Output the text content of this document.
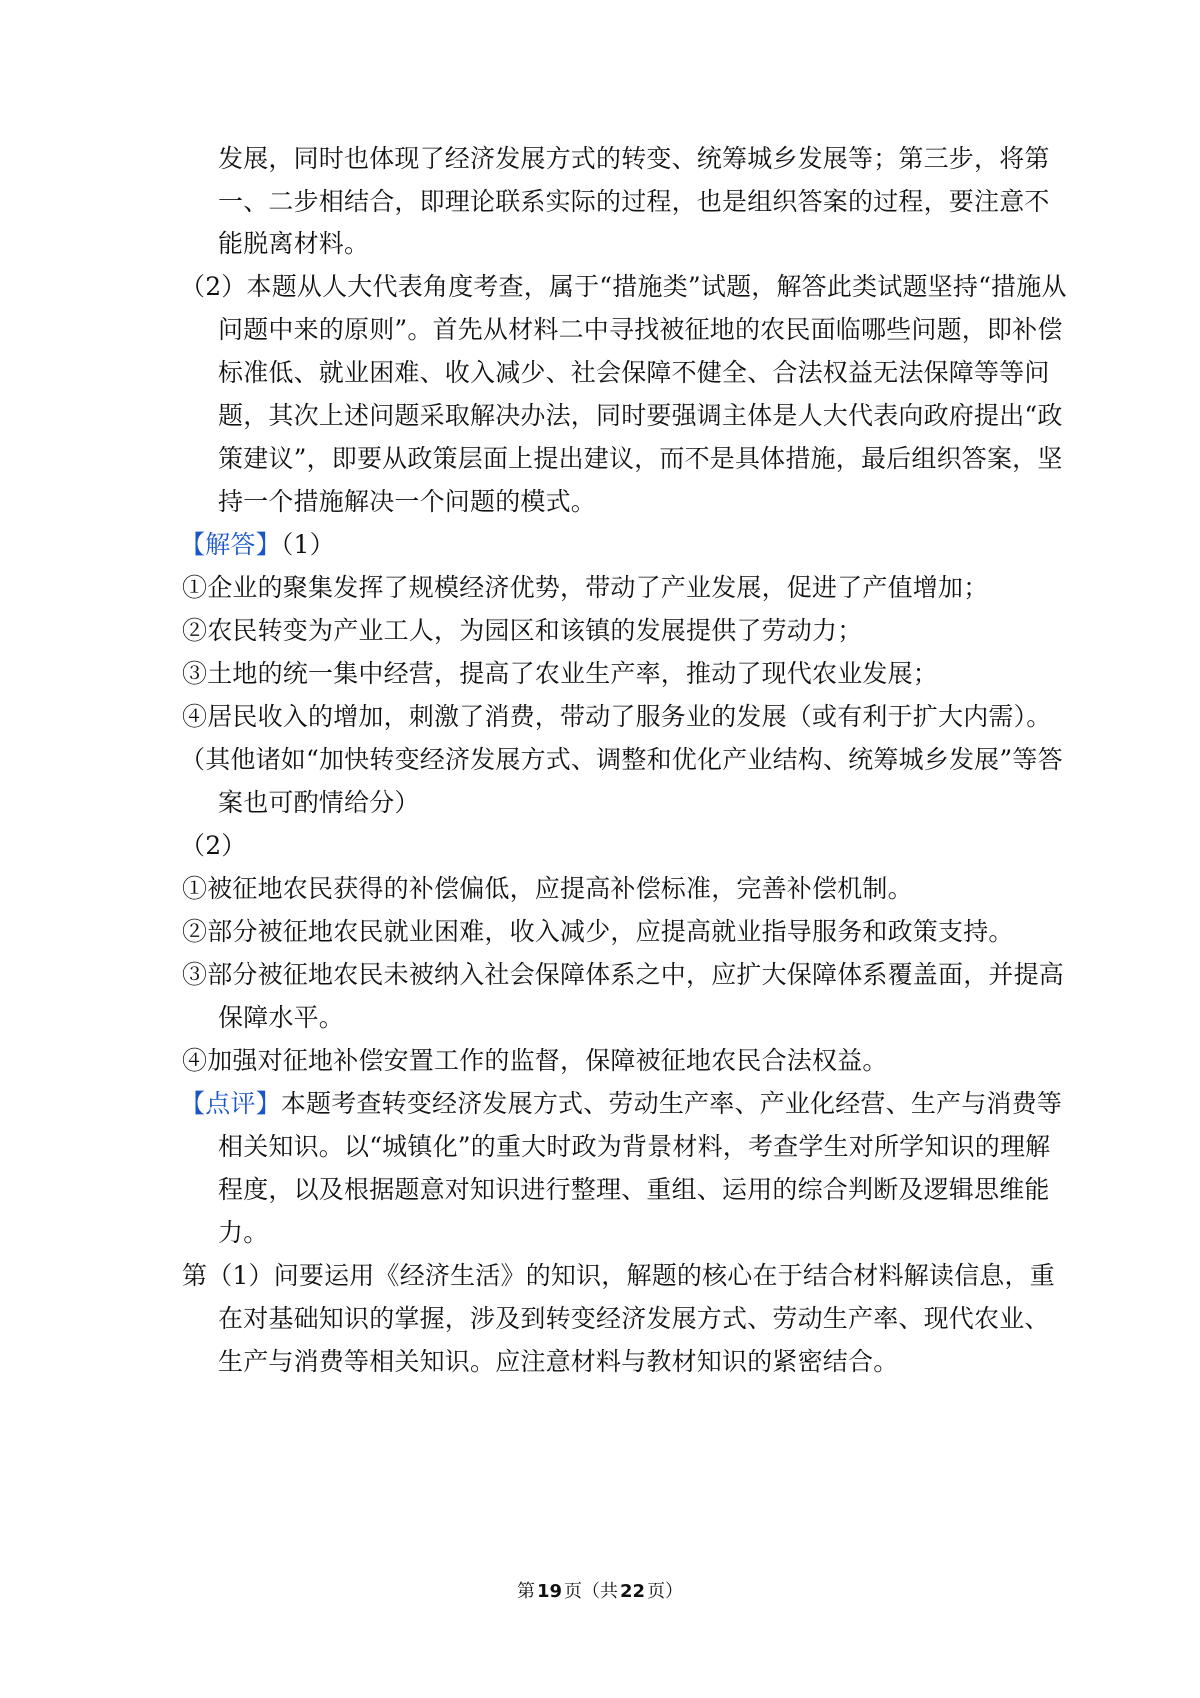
发展，同时也体现了经济发展方式的转变、统筹城乡发展等；第三步，将第
一、二步相结合，即理论联系实际的过程，也是组织答案的过程，要注意不
能脱离材料。
（2）本题从人大代表角度考查，属于“措施类”试题，解答此类试题坚持“措施从
问题中来的原则”。首先从材料二中寻找被征地的农民面临哪些问题，即补偿
标准低、就业困难、收入减少、社会保障不健全、合法权益无法保障等等问
题，其次上述问题采取解决办法，同时要强调主体是人大代表向政府提出“政
策建议”，即要从政策层面上提出建议，而不是具体措施，最后组织答案，坚
持一个措施解决一个问题的模式。
【解答】（1）
①企业的聚集发挥了规模经济优势，带动了产业发展，促进了产值增加；
②农民转变为产业工人，为园区和该镇的发展提供了劳动力；
③土地的统一集中经营，提高了农业生产率，推动了现代农业发展；
④居民收入的增加，刺激了消费，带动了服务业的发展（或有利于扩大内需）。
（其他诸如“加快转变经济发展方式、调整和优化产业结构、统筹城乡发展”等答
案也可酌情给分）
（2）
①被征地农民获得的补偿偏低，应提高补偿标准，完善补偿机制。
②部分被征地农民就业困难，收入减少，应提高就业指导服务和政策支持。
③部分被征地农民未被纳入社会保障体系之中，应扩大保障体系覆盖面，并提高
保障水平。
④加强对征地补偿安置工作的监督，保障被征地农民合法权益。
【点评】本题考查转变经济发展方式、劳动生产率、产业化经营、生产与消费等
相关知识。以“城镇化”的重大时政为背景材料，考查学生对所学知识的理解
程度，以及根据题意对知识进行整理、重组、运用的综合判断及逻辑思维能
力。
第（1）问要运用《经济生活》的知识，解题的核心在于结合材料解读信息，重
在对基础知识的掌握，涉及到转变经济发展方式、劳动生产率、现代农业、
生产与消费等相关知识。应注意材料与教材知识的紧密结合。
第 19 页（共 22 页）
